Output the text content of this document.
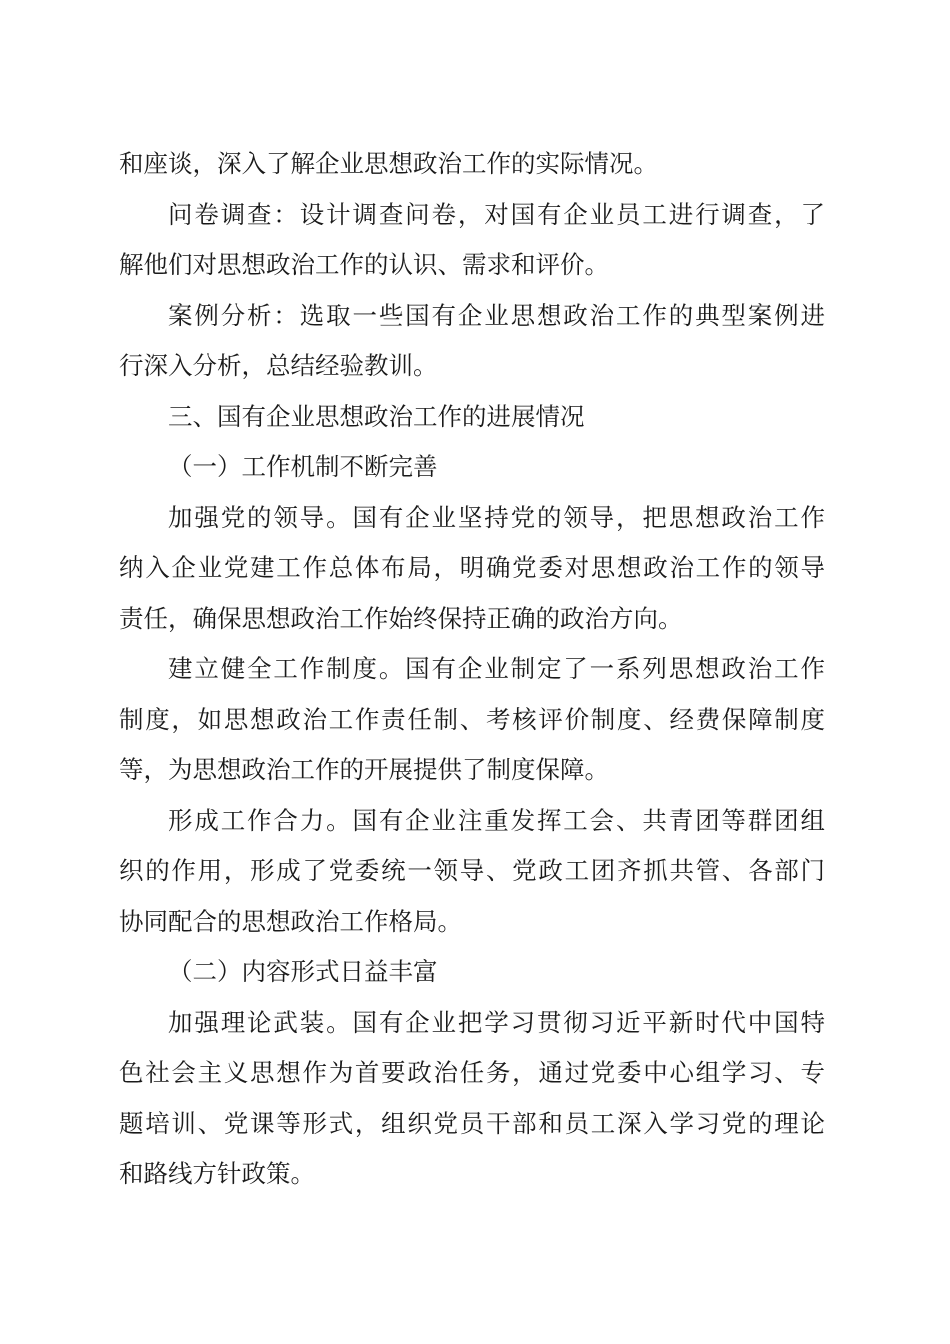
和座谈，深入了解企业思想政治工作的实际情况。
问卷调查：设计调查问卷，对国有企业员工进行调查，了
解他们对思想政治工作的认识、需求和评价。
案例分析：选取一些国有企业思想政治工作的典型案例进
行深入分析，总结经验教训。
三、国有企业思想政治工作的进展情况
（一）工作机制不断完善
加强党的领导。国有企业坚持党的领导，把思想政治工作
纳入企业党建工作总体布局，明确党委对思想政治工作的领导
责任，确保思想政治工作始终保持正确的政治方向。
建立健全工作制度。国有企业制定了一系列思想政治工作
制度，如思想政治工作责任制、考核评价制度、经费保障制度
等，为思想政治工作的开展提供了制度保障。
形成工作合力。国有企业注重发挥工会、共青团等群团组
织的作用，形成了党委统一领导、党政工团齐抓共管、各部门
协同配合的思想政治工作格局。
（二）内容形式日益丰富
加强理论武装。国有企业把学习贯彻习近平新时代中国特
色社会主义思想作为首要政治任务，通过党委中心组学习、专
题培训、党课等形式，组织党员干部和员工深入学习党的理论
和路线方针政策。
